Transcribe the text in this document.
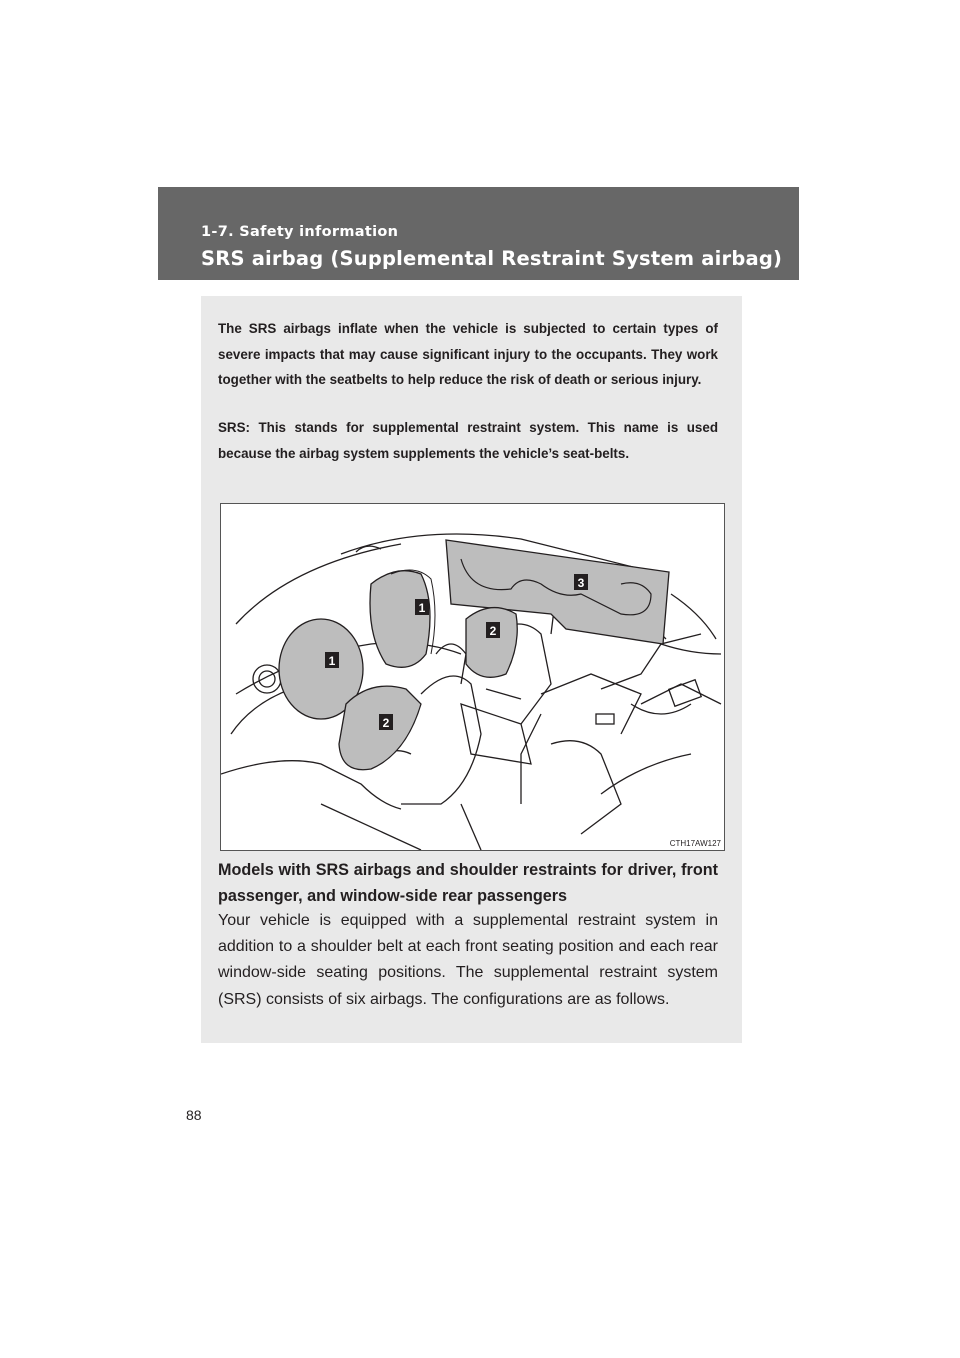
1-7. Safety information
SRS airbag (Supplemental Restraint System airbag)

The SRS airbags inflate when the vehicle is subjected to certain types of severe impacts that may cause significant injury to the occupants. They work together with the seatbelts to help reduce the risk of death or serious injury.

SRS: This stands for supplemental restraint system. This name is used because the airbag system supplements the vehicle’s seat-belts.

1
1
2
2
3
CTH17AW127

Models with SRS airbags and shoulder restraints for driver, front passenger, and window-side rear passengers

Your vehicle is equipped with a supplemental restraint system in addition to a shoulder belt at each front seating position and each rear window-side seating positions. The supplemental restraint system (SRS) consists of six airbags. The configurations are as follows.

88
